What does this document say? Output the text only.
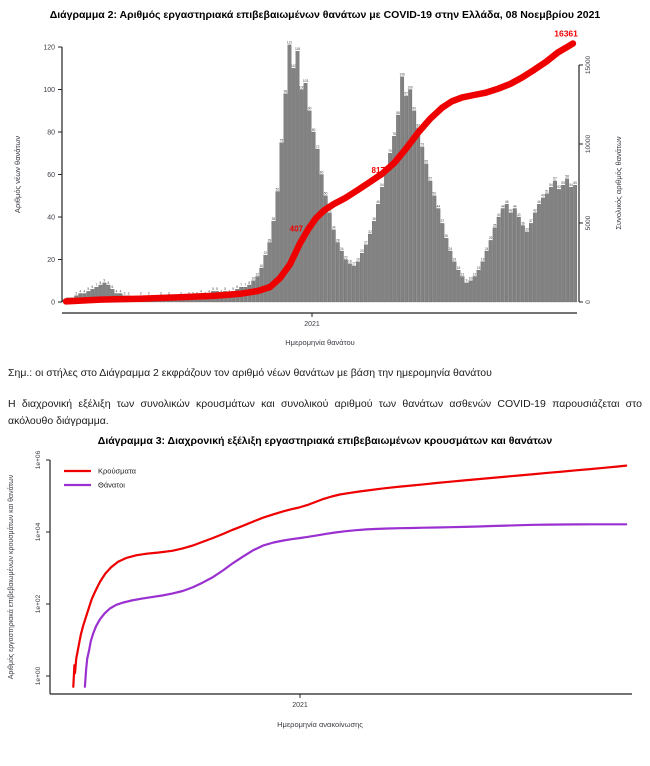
Διάγραμμα 2: Αριθμός εργαστηριακά επιβεβαιωμένων θανάτων με COVID-19 στην Ελλάδα, 08 Νοεμβρίου 2021
3
4 4
5
6
7
8
9
8
6
4 4
3 3	3 3	3 3	3 3 3 3
4
3
4
5 5
4
5
4
5
6
7 7
8
10
12
16
22
28
38
52
75
98
121
110
118
100
103
90
80
72
60
50
42
34
28
24
20
18
17
19
23
27
32
38
46
54
62
70
78
88
106
97
100
90
82
73
65
57
50
44
37
30
24
19
15
12
9
10
12
15
19
24
29
35
40
44
46
42
44
40
36
33
37
42
46
49
51
54
57
53
55
58
54
55
0
20
40
60
80
100
120
Αριθμός νέων θανάτων
0
5000
10000
15000
Συνολικός αριθμός θανάτων
2021
Ημερομηνία θανάτου
407
817
16361
Σημ.: οι στήλες στο Διάγραμμα 2 εκφράζουν τον αριθμό νέων θανάτων με βάση την ημερομηνία θανάτου
Η διαχρονική εξέλιξη των συνολικών κρουσμάτων και συνολικού αριθμού των θανάτων ασθενών COVID-19 παρουσιάζεται στο ακόλουθο διάγραμμα.
Διάγραμμα 3: Διαχρονική εξέλιξη εργαστηριακά επιβεβαιωμένων κρουσμάτων και θανάτων
1e+00
1e+02
1e+04
1e+06
Αριθμός εργαστηριακά επιβεβαιωμένων κρουσμάτων και θανάτων
2021
Ημερομηνία ανακοίνωσης
Κρούσματα
Θάνατοι
